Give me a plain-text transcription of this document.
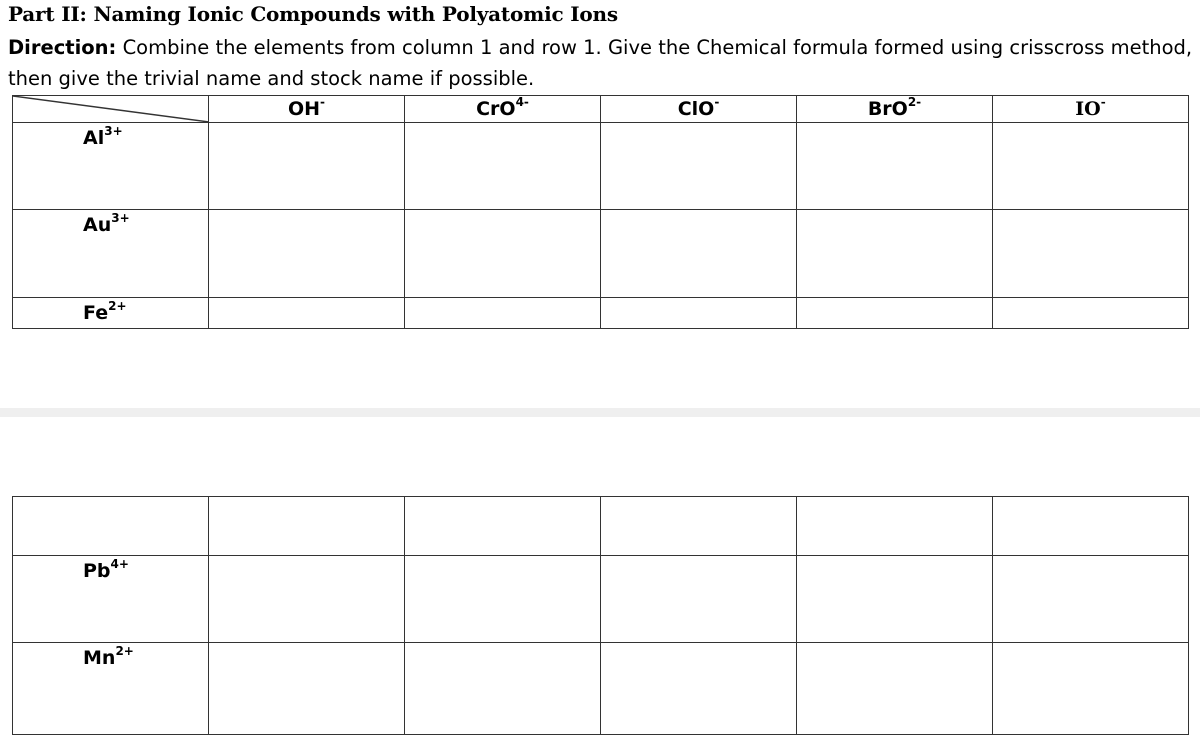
Part II: Naming Ionic Compounds with Polyatomic Ions
Direction: Combine the elements from column 1 and row 1. Give the Chemical formula formed using crisscross method, then give the trivial name and stock name if possible.
	OH-	CrO$^{4-}$	ClO-	BrO$^{2-}$	IO-
$Al^{3+}$					
$Au^{3+}$					
$Fe^{2+}$					

$Pb^{4+}$					
$Mn^{2+}$					
